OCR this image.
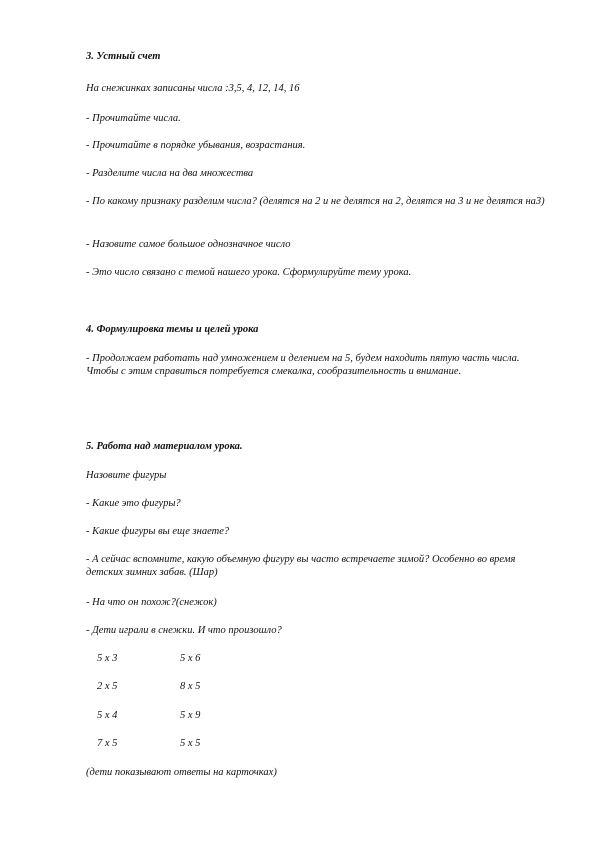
3. Устный счет
На снежинках записаны числа :3,5, 4, 12, 14, 16
- Прочитайте числа.
- Прочитайте в порядке убывания, возрастания.
- Разделите числа на два множества
- По какому признаку разделим числа? (делятся на 2 и не делятся на 2, делятся на 3 и не делятся на3)
- Назовите самое большое однозначное число
- Это число связано с темой нашего урока. Сформулируйте тему урока.
4. Формулировка темы и целей урока
- Продолжаем работать над умножением и делением на 5, будем находить пятую часть числа. Чтобы с этим справиться потребуется смекалка, сообразительность и внимание.
5. Работа над материалом урока.
Назовите фигуры
- Какие это фигуры?
- Какие фигуры вы еще знаете?
- А сейчас вспомните, какую объемную фигуру вы часто встречаете зимой? Особенно во время детских зимних забав. (Шар)
- На что он похож?(снежок)
- Дети играли в снежки. И что произошло?
5 х 3	5 х 6
2 х 5	8 х 5
5 х 4	5 х 9
7 х 5	5 х 5
(дети показывают ответы на карточках)
